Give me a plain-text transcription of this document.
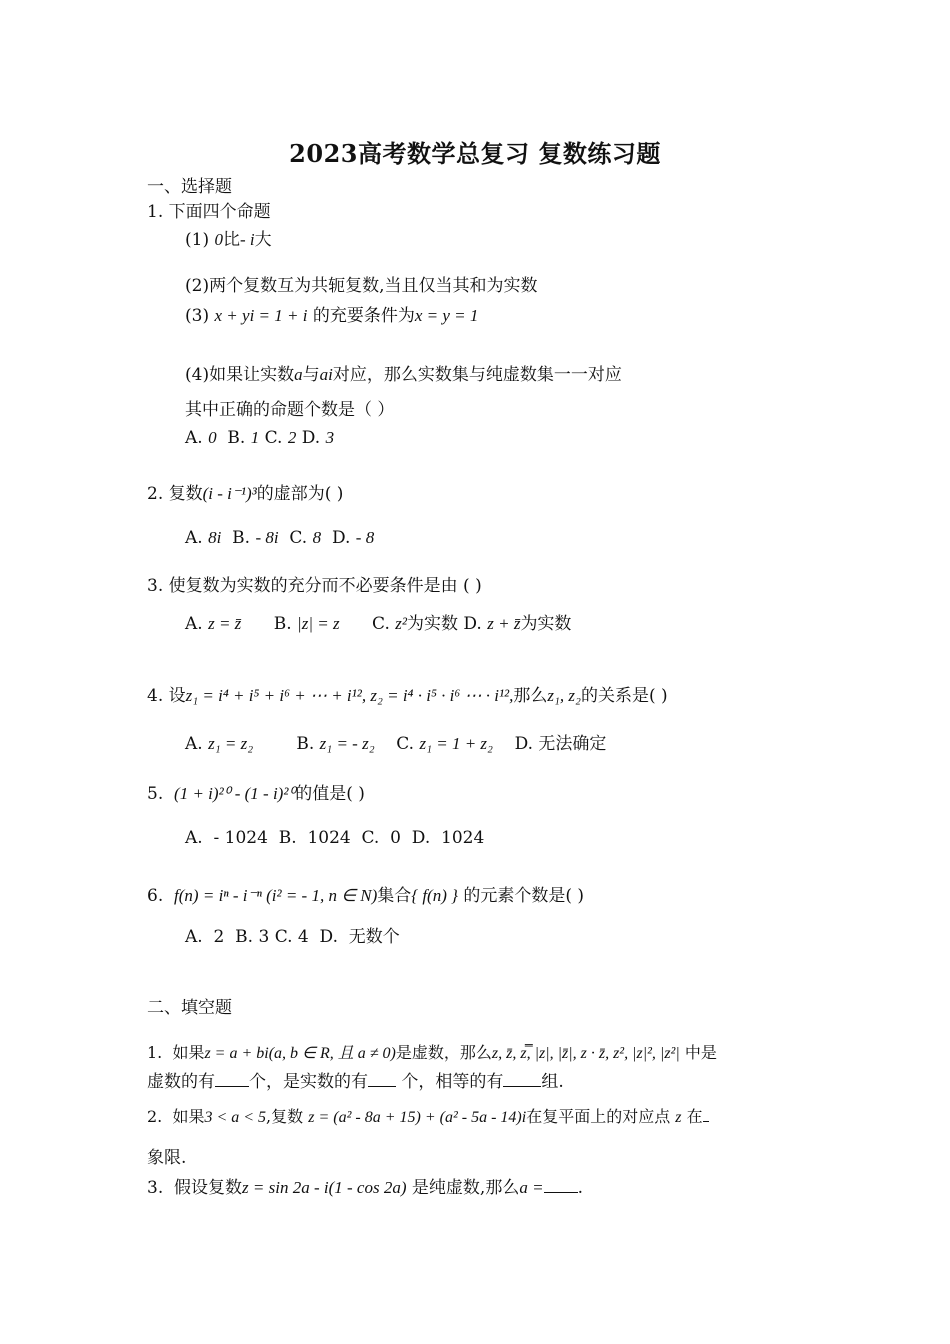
2023高考数学总复习 复数练习题
一、选择题
1. 下面四个命题
(1) 0比- i大
(2)两个复数互为共轭复数,当且仅当其和为实数
(3) x + yi = 1 + i 的充要条件为x = y = 1
(4)如果让实数a与ai对应，那么实数集与纯虚数集一一对应
其中正确的命题个数是（ ）
A. 0 B. 1 C. 2 D. 3
2. 复数(i - i⁻¹)³的虚部为( )
A. 8i B. - 8i C. 8 D. - 8
3. 使复数为实数的充分而不必要条件是由 ( )
A. z = z̄ B. |z| = z C. z²为实数 D. z + z̄为实数
4. 设z₁ = i⁴ + i⁵ + i⁶ + ⋯ + i¹², z₂ = i⁴ · i⁵ · i⁶ ⋯ · i¹²,那么z₁, z₂的关系是( )
A. z₁ = z₂	B. z₁ = - z₂ C. z₁ = 1 + z₂ D. 无法确定
5. (1 + i)²⁰ - (1 - i)²⁰的值是( )
A. - 1024 B. 1024 C. 0 D. 1024
6. f(n) = iⁿ - i⁻ⁿ (i² = - 1, n ∈ N)集合{ f(n) } 的元素个数是( )
A. 2 B. 3 C. 4 D. 无数个
二、填空题
1. 如果z = a + bi(a, b ∈ R, 且 a ≠ 0)是虚数，那么z, z̄, z̿, |z|, |z̄|, z · z̄, z², |z|², |z²| 中是
虚数的有 个，是实数的有 个，相等的有 组.
2. 如果3 < a < 5,复数 z = (a² - 8a + 15) + (a² - 5a - 14)i在复平面上的对应点 z 在
象限.
3. 假设复数z = sin 2a - i(1 - cos 2a) 是纯虚数,那么a = .
